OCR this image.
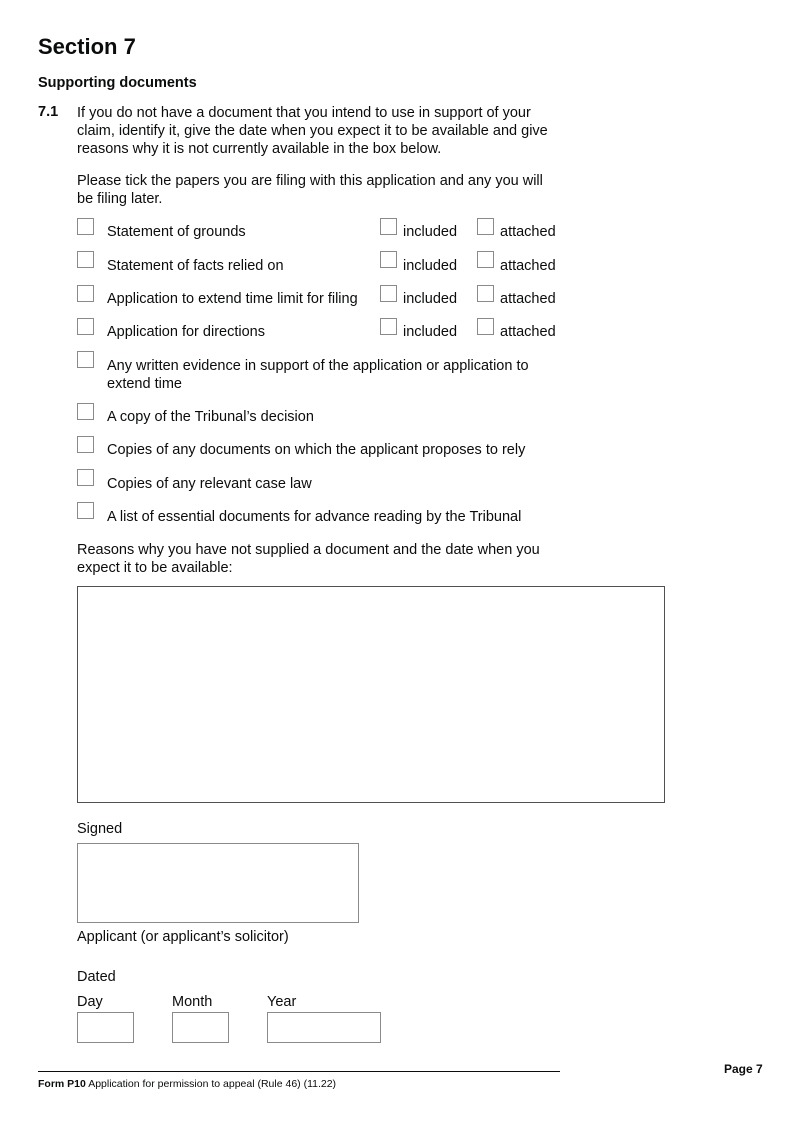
Section 7
Supporting documents
7.1 If you do not have a document that you intend to use in support of your
claim, identify it, give the date when you expect it to be available and give
reasons why it is not currently available in the box below.
Please tick the papers you are filing with this application and any you will
be filing later.
Statement of grounds	included	attached
Statement of facts relied on	included	attached
Application to extend time limit for filing	included	attached
Application for directions	included	attached
Any written evidence in support of the application or application to
extend time
A copy of the Tribunal’s decision
Copies of any documents on which the applicant proposes to rely
Copies of any relevant case law
A list of essential documents for advance reading by the Tribunal
Reasons why you have not supplied a document and the date when you
expect it to be available:
Signed
Applicant (or applicant’s solicitor)
Dated
Day	Month	Year
Page 7
Form P10 Application for permission to appeal (Rule 46) (11.22)
